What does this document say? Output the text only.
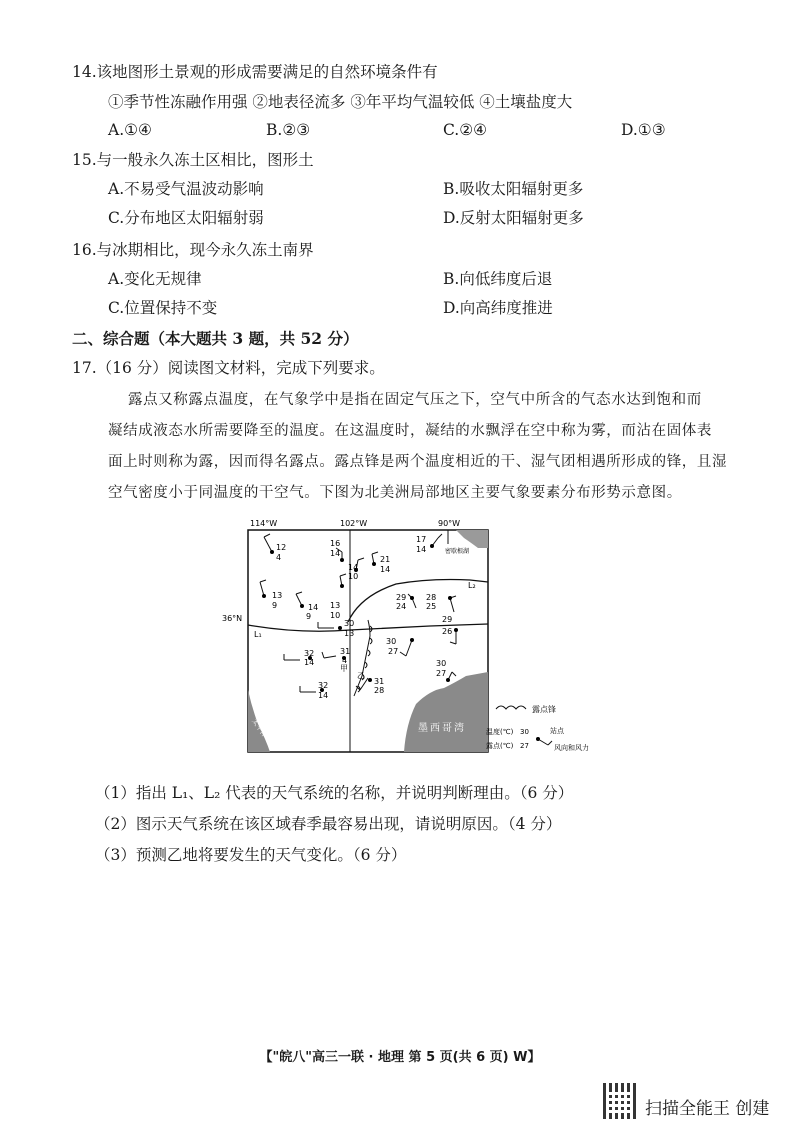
14.该地图形土景观的形成需要满足的自然环境条件有
①季节性冻融作用强 ②地表径流多 ③年平均气温较低 ④土壤盐度大
A.①④	B.②③	C.②④	D.①③
15.与一般永久冻土区相比，图形土
A.不易受气温波动影响	B.吸收太阳辐射更多
C.分布地区太阳辐射弱	D.反射太阳辐射更多
16.与冰期相比，现今永久冻土南界
A.变化无规律	B.向低纬度后退
C.位置保持不变	D.向高纬度推进
二、综合题（本大题共 3 题，共 52 分）
17.（16 分）阅读图文材料，完成下列要求。
露点又称露点温度，在气象学中是指在固定气压之下，空气中所含的气态水达到饱和而
凝结成液态水所需要降至的温度。在这温度时，凝结的水飘浮在空中称为雾，而沾在固体表
面上时则称为露，因而得名露点。露点锋是两个温度相近的干、湿气团相遇所形成的锋，且湿
空气密度小于同温度的干空气。下图为北美洲局部地区主要气象要素分布形势示意图。
114°W	102°W	90°W
36°N
密歇根湖
墨西哥湾
太平洋
L₁
L₂
甲
乙
12
4
16
14
14
10
21
14
17
14
13
9	14
9
13
10
29
24
28
25
30
13
30
27
29
26
32
14
31
4
31
28
30
27
32
14
露点锋
温度(℃)
露点(℃)
30
27
站点
风向和风力
（1）指出 L₁、L₂ 代表的天气系统的名称，并说明判断理由。（6 分）
（2）图示天气系统在该区域春季最容易出现，请说明原因。（4 分）
（3）预测乙地将要发生的天气变化。（6 分）
【"皖八"高三一联 · 地理 第 5 页(共 6 页) W】
扫描全能王 创建
